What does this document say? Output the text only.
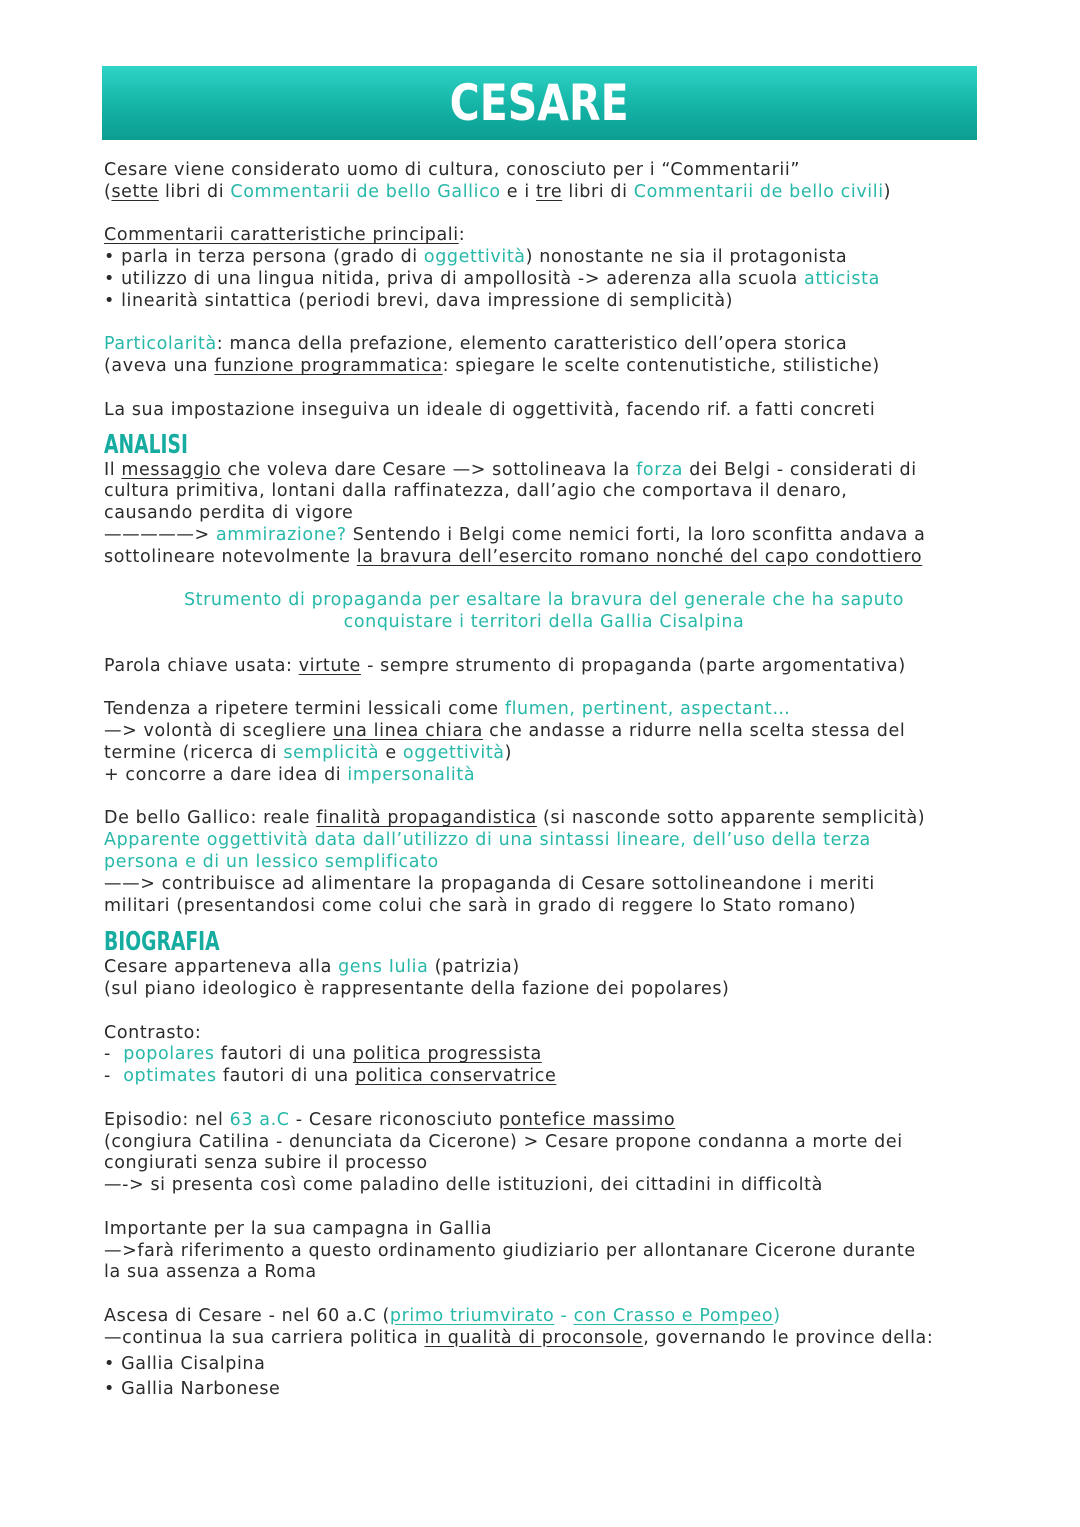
CESARE

Cesare viene considerato uomo di cultura, conosciuto per i “Commentarii”

(sette libri di Commentarii de bello Gallico e i tre libri di Commentarii de bello civili)

Commentarii caratteristiche principali:

• parla in terza persona (grado di oggettività) nonostante ne sia il protagonista

• utilizzo di una lingua nitida, priva di ampollosità -> aderenza alla scuola atticista

• linearità sintattica (periodi brevi, dava impressione di semplicità)

Particolarità: manca della prefazione, elemento caratteristico dell’opera storica

(aveva una funzione programmatica: spiegare le scelte contenutistiche, stilistiche)

La sua impostazione inseguiva un ideale di oggettività, facendo rif. a fatti concreti

ANALISI

Il messaggio che voleva dare Cesare —> sottolineava la forza dei Belgi - considerati di

cultura primitiva, lontani dalla raffinatezza, dall’agio che comportava il denaro,

causando perdita di vigore

—————> ammirazione? Sentendo i Belgi come nemici forti, la loro sconfitta andava a

sottolineare notevolmente la bravura dell’esercito romano nonché del capo condottiero

Strumento di propaganda per esaltare la bravura del generale che ha saputo

conquistare i territori della Gallia Cisalpina

Parola chiave usata: virtute - sempre strumento di propaganda (parte argomentativa)

Tendenza a ripetere termini lessicali come flumen, pertinent, aspectant…

—> volontà di scegliere una linea chiara che andasse a ridurre nella scelta stessa del

termine (ricerca di semplicità e oggettività)

+ concorre a dare idea di impersonalità

De bello Gallico: reale finalità propagandistica (si nasconde sotto apparente semplicità)

Apparente oggettività data dall’utilizzo di una sintassi lineare, dell’uso della terza

persona e di un lessico semplificato

——> contribuisce ad alimentare la propaganda di Cesare sottolineandone i meriti

militari (presentandosi come colui che sarà in grado di reggere lo Stato romano)

BIOGRAFIA

Cesare apparteneva alla gens Iulia (patrizia)

(sul piano ideologico è rappresentante della fazione dei popolares)

Contrasto:

-  popolares fautori di una politica progressista

-  optimates fautori di una politica conservatrice

Episodio: nel 63 a.C - Cesare riconosciuto pontefice massimo

(congiura Catilina - denunciata da Cicerone) > Cesare propone condanna a morte dei

congiurati senza subire il processo

—-> si presenta così come paladino delle istituzioni, dei cittadini in difficoltà

Importante per la sua campagna in Gallia

—>farà riferimento a questo ordinamento giudiziario per allontanare Cicerone durante

la sua assenza a Roma

Ascesa di Cesare - nel 60 a.C (primo triumvirato - con Crasso e Pompeo)

—continua la sua carriera politica in qualità di proconsole, governando le province della:

• Gallia Cisalpina

• Gallia Narbonese
